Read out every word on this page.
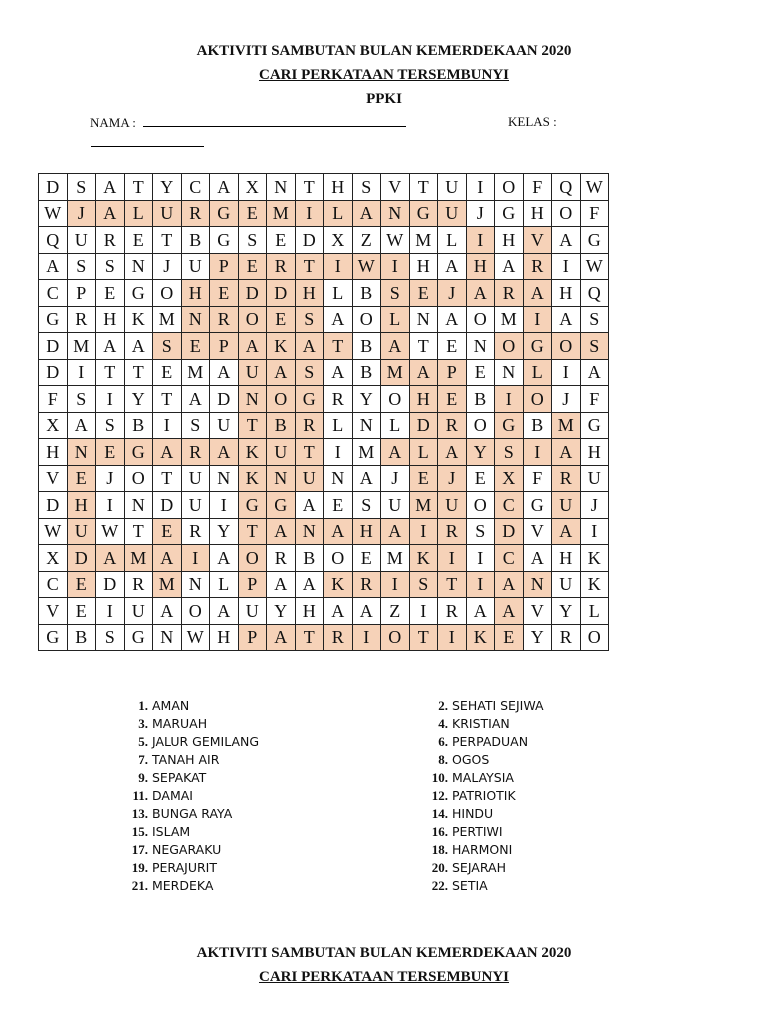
AKTIVITI SAMBUTAN BULAN KEMERDEKAAN 2020
CARI PERKATAAN TERSEMBUNYI
PPKI
NAMA :	KELAS :
D	S	A	T	Y	C	A	X	N	T	H	S	V	T	U	I	O	F	Q	W
W	J	A	L	U	R	G	E	M	I	L	A	N	G	U	J	G	H	O	F
Q	U	R	E	T	B	G	S	E	D	X	Z	W	M	L	I	H	V	A	G
A	S	S	N	J	U	P	E	R	T	I	W	I	H	A	H	A	R	I	W
C	P	E	G	O	H	E	D	D	H	L	B	S	E	J	A	R	A	H	Q
G	R	H	K	M	N	R	O	E	S	A	O	L	N	A	O	M	I	A	S
D	M	A	A	S	E	P	A	K	A	T	B	A	T	E	N	O	G	O	S
D	I	T	T	E	M	A	U	A	S	A	B	M	A	P	E	N	L	I	A
F	S	I	Y	T	A	D	N	O	G	R	Y	O	H	E	B	I	O	J	F
X	A	S	B	I	S	U	T	B	R	L	N	L	D	R	O	G	B	M	G
H	N	E	G	A	R	A	K	U	T	I	M	A	L	A	Y	S	I	A	H
V	E	J	O	T	U	N	K	N	U	N	A	J	E	J	E	X	F	R	U
D	H	I	N	D	U	I	G	G	A	E	S	U	M	U	O	C	G	U	J
W	U	W	T	E	R	Y	T	A	N	A	H	A	I	R	S	D	V	A	I
X	D	A	M	A	I	A	O	R	B	O	E	M	K	I	I	C	A	H	K
C	E	D	R	M	N	L	P	A	A	K	R	I	S	T	I	A	N	U	K
V	E	I	U	A	O	A	U	Y	H	A	A	Z	I	R	A	A	V	Y	L
G	B	S	G	N	W	H	P	A	T	R	I	O	T	I	K	E	Y	R	O
1. AMAN
3. MARUAH
5. JALUR GEMILANG
7. TANAH AIR
9. SEPAKAT
11. DAMAI
13. BUNGA RAYA
15. ISLAM
17. NEGARAKU
19. PERAJURIT
21. MERDEKA
2. SEHATI SEJIWA
4. KRISTIAN
6. PERPADUAN
8. OGOS
10. MALAYSIA
12. PATRIOTIK
14. HINDU
16. PERTIWI
18. HARMONI
20. SEJARAH
22. SETIA
AKTIVITI SAMBUTAN BULAN KEMERDEKAAN 2020
CARI PERKATAAN TERSEMBUNYI
